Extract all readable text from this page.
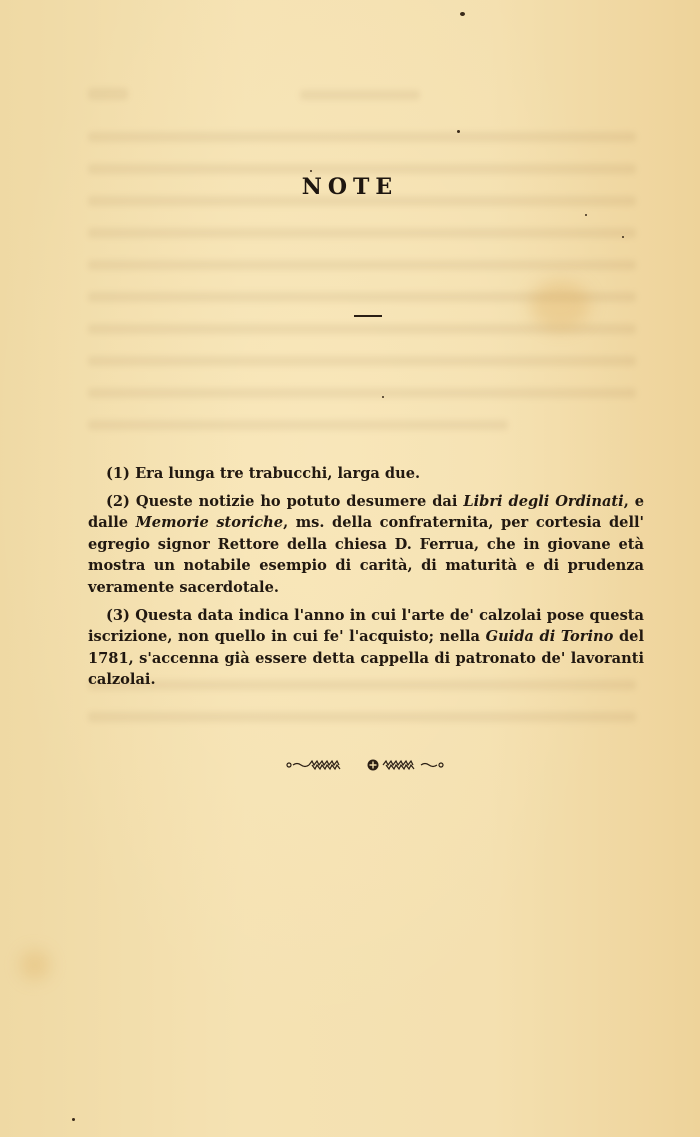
NOTE

(1) Era lunga tre trabucchi, larga due.

(2) Queste notizie ho potuto desumere dai Libri degli Ordinati, e dalle Memorie storiche, ms. della confraternita, per cortesia dell' egregio signor Rettore della chiesa D. Ferrua, che in giovane età mostra un notabile esempio di carità, di maturità e di prudenza veramente sacerdotale.

(3) Questa data indica l'anno in cui l'arte de' calzolai pose questa iscrizione, non quello in cui fe' l'acquisto; nella Guida di Torino del 1781, s'accenna già essere detta cappella di patronato de' lavoranti calzolai.
